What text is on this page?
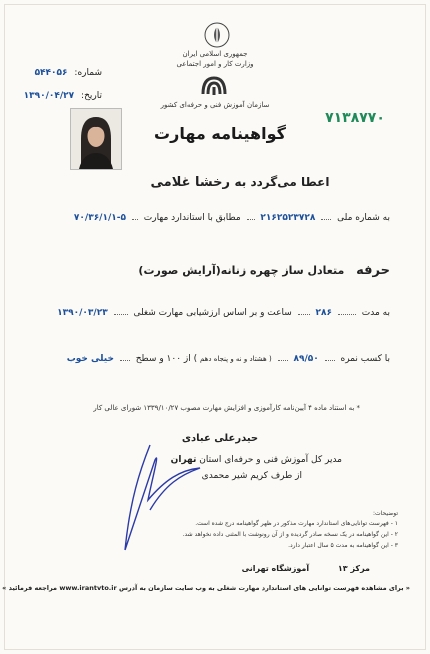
جمهوری اسلامی ایران
وزارت کار و امور اجتماعی
سازمان آموزش فنی و حرفه‌ای کشور
۷۱۳۸۷۷۰
گواهینامه مهارت
شماره: ۵۴۴۰۵۶
تاریخ: ۱۳۹۰/۰۴/۲۷
اعطا می‌گردد به رخشا غلامی
به شماره ملی  ۲۱۶۲۵۲۳۷۲۸  مطابق با استاندارد مهارت  ۵-۷۰/۳۶/۱/۱
حرفه متعادل ساز چهره زنانه(آرایش صورت)
به مدت  ۲۸۶  ساعت و بر اساس ارزشیابی مهارت شغلی  ۱۳۹۰/۰۳/۲۳
با کسب نمره  ۸۹/۵۰  ( هشتاد و نه و پنجاه دهم ) از ۱۰۰ و سطح  خیلی خوب
* به استناد ماده ۴ آیین‌نامه کارآموزی و افزایش مهارت مصوب ۱۳۳۹/۱۰/۲۷ شورای عالی کار
حیدرعلی عبادی
مدیر کل آموزش فنی و حرفه‌ای استان تهران
از طرف کریم شیر محمدی
توضیحات:
۱ - فهرست توانایی‌های استاندارد مهارت مذکور در ظهر گواهینامه درج شده است.
۲ - این گواهینامه در یک نسخه صادر گردیده و از آن رونوشت با المثنی داده نخواهد شد.
۳ - این گواهینامه به مدت ۵ سال اعتبار دارد.
مرکز ۱۳ آموزشگاه تهرانی
« برای مشاهده فهرست توانایی های استاندارد مهارت شغلی به وب سایت سازمان به آدرس www.irantvto.ir مراجعه فرمائید »
